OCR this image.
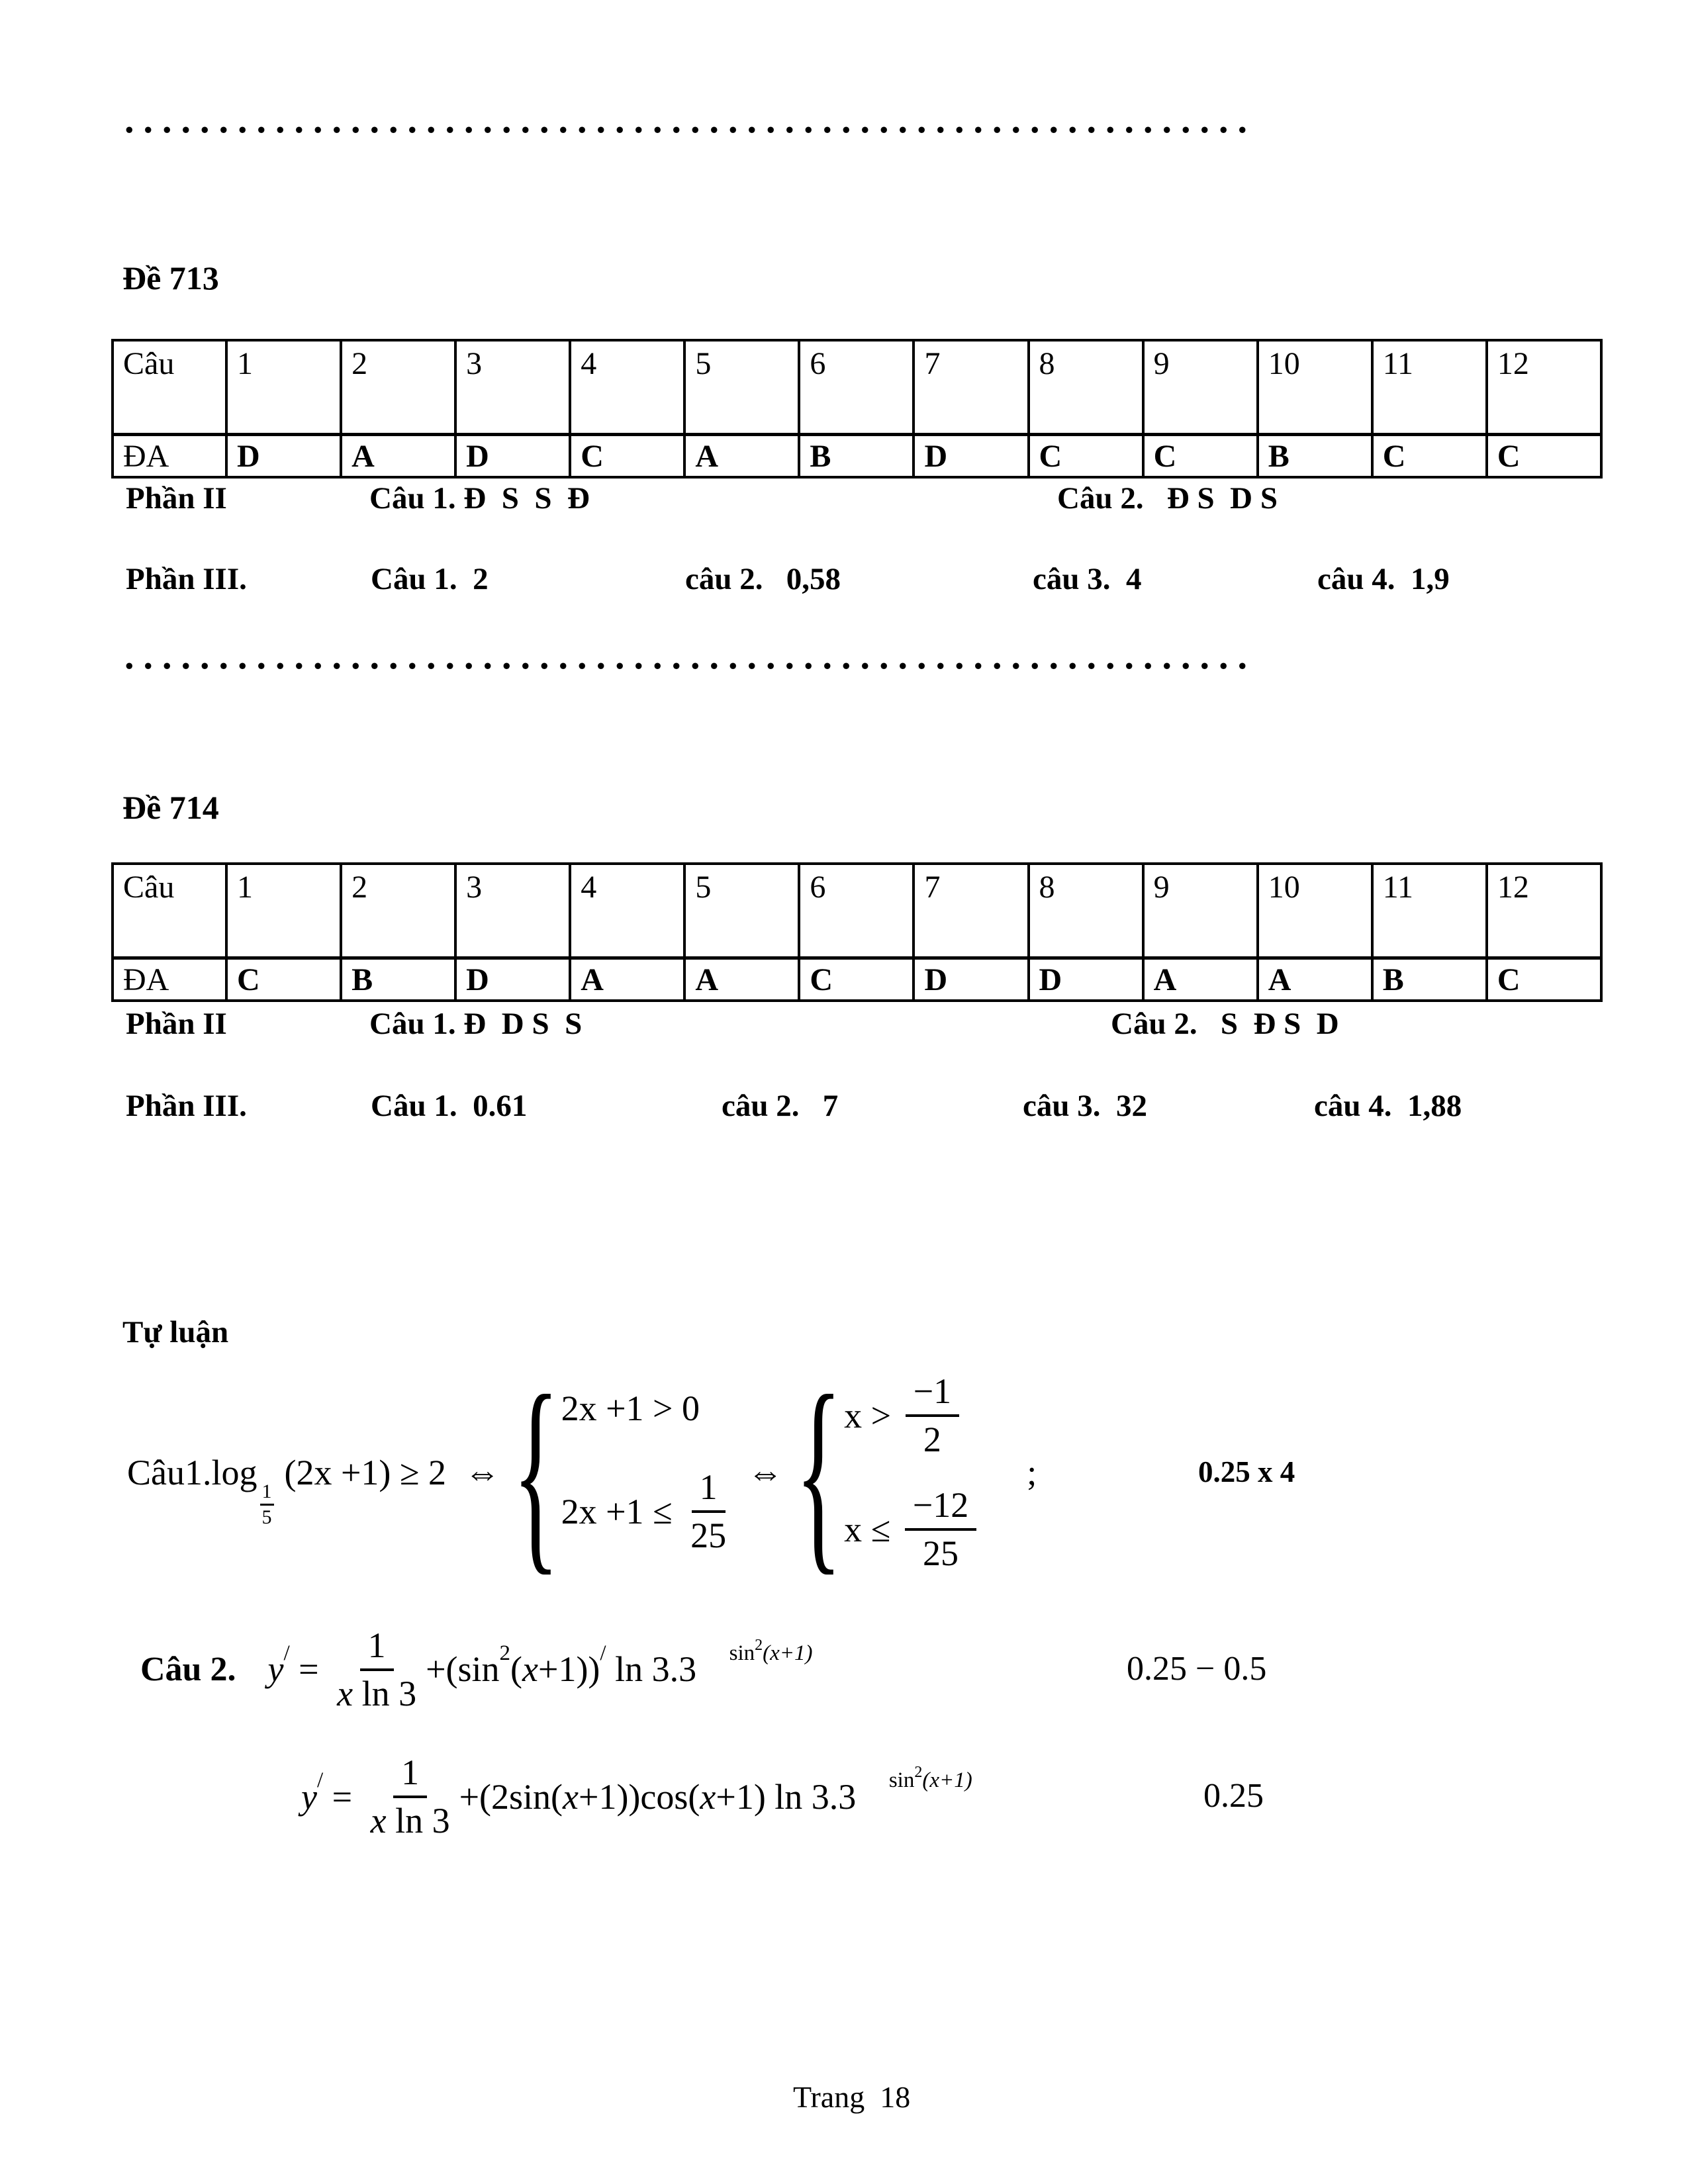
............................................................
Đề 713
Câu	1	2	3	4	5	6	7	8	9	10	11	12
ĐA	D	A	D	C	A	B	D	C	C	B	C	C
Phần II	Câu 1. Đ  S  S  Đ	Câu 2.   Đ S  D S
Phần III.	Câu 1.  2	câu 2.   0,58	câu 3.  4	câu 4.  1,9
............................................................
Đề 714
Câu	1	2	3	4	5	6	7	8	9	10	11	12
ĐA	C	B	D	A	A	C	D	D	A	A	B	C
Phần II	Câu 1. Đ  D S  S	Câu 2.   S  Đ S  D
Phần III.	Câu 1.  0.61	câu 2.   7	câu 3.  32	câu 4.  1,88
Tự luận
Câu1.log
$\frac{1}{5}$
(2x +1) ≥ 2 ⇔ { 2x +1 > 0
$2x +1 \le \frac{1}{25}$ ⇔ { $x > \frac{-1}{2}$
$x \le \frac{-12}{25}$
;	0.25 x 4
Câu 2. y / = $\frac{1}{\text{x ln 3}} +(\sin$ 2 ( x +1)) / ln 3.3	$\sin^2(x+1)$
	0.25 − 0.5
y / = $\frac{1}{\text{x ln 3}} +(2\sin$( x +1))cos( x +1) ln 3.3	$\sin^2(x+1)$
	0.25
Trang  18
